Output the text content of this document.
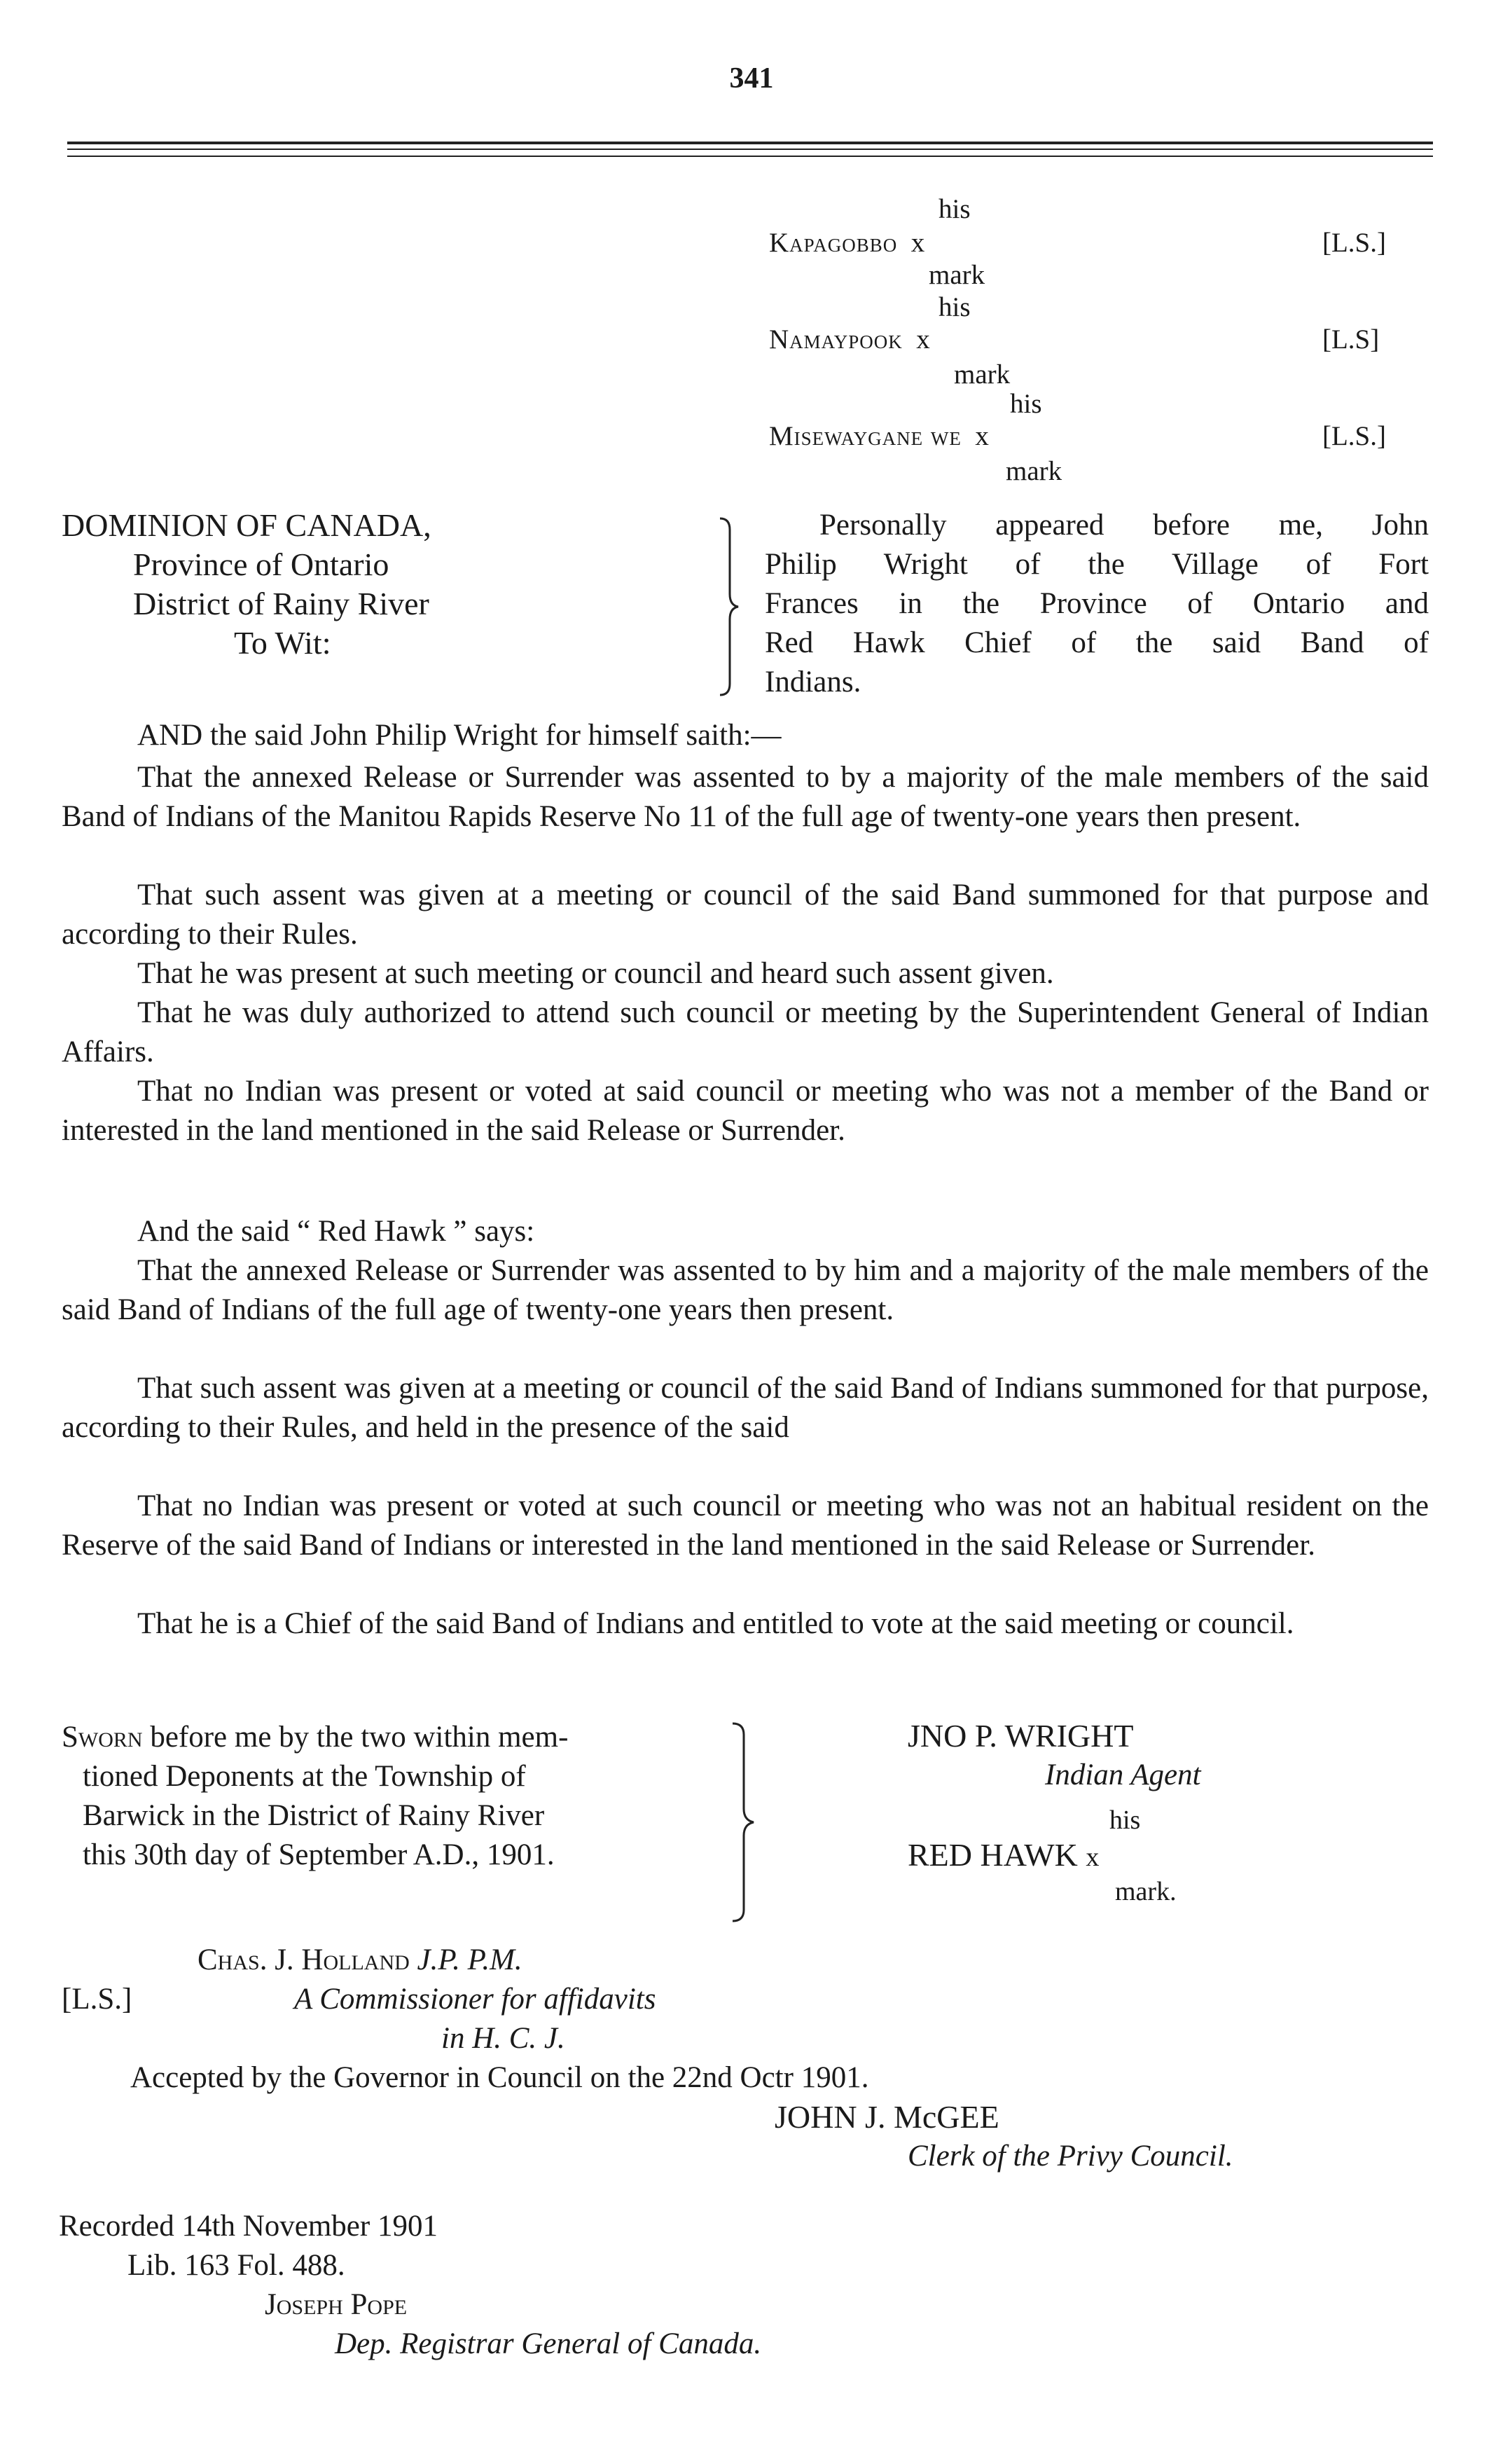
341
his
Kapagobbo x	[L.S.]
mark
his
Namaypook x	[L.S]
mark
his
Misewaygane we x	[L.S.]
mark
DOMINION OF CANADA,
Province of Ontario
District of Rainy River
To Wit:
Personally appeared before me, John
Philip Wright of the Village of Fort
Frances in the Province of Ontario and
Red Hawk Chief of the said Band of
Indians.
AND the said John Philip Wright for himself saith:—
That the annexed Release or Surrender was assented to by a majority of the male members of the said Band of Indians of the Manitou Rapids Reserve No 11 of the full age of twenty-one years then present.
That such assent was given at a meeting or council of the said Band summoned for that purpose and according to their Rules.
That he was present at such meeting or council and heard such assent given.
That he was duly authorized to attend such council or meeting by the Superintendent General of Indian Affairs.
That no Indian was present or voted at said council or meeting who was not a member of the Band or interested in the land mentioned in the said Release or Surrender.
And the said “ Red Hawk ” says:
That the annexed Release or Surrender was assented to by him and a majority of the male members of the said Band of Indians of the full age of twenty-one years then present.
That such assent was given at a meeting or council of the said Band of Indians summoned for that purpose, according to their Rules, and held in the presence of the said
That no Indian was present or voted at such council or meeting who was not an habitual resident on the Reserve of the said Band of Indians or interested in the land mentioned in the said Release or Surrender.
That he is a Chief of the said Band of Indians and entitled to vote at the said meeting or council.
Sworn before me by the two within mem-
tioned Deponents at the Township of
Barwick in the District of Rainy River
this 30th day of September A.D., 1901.
JNO P. WRIGHT
Indian Agent
his
RED HAWK x
mark.
Chas. J. Holland J.P. P.M.
[L.S.]	A Commissioner for affidavits
in H. C. J.
Accepted by the Governor in Council on the 22nd Octr 1901.
JOHN J. McGEE
Clerk of the Privy Council.
Recorded 14th November 1901
Lib. 163 Fol. 488.
Joseph Pope
Dep. Registrar General of Canada.
